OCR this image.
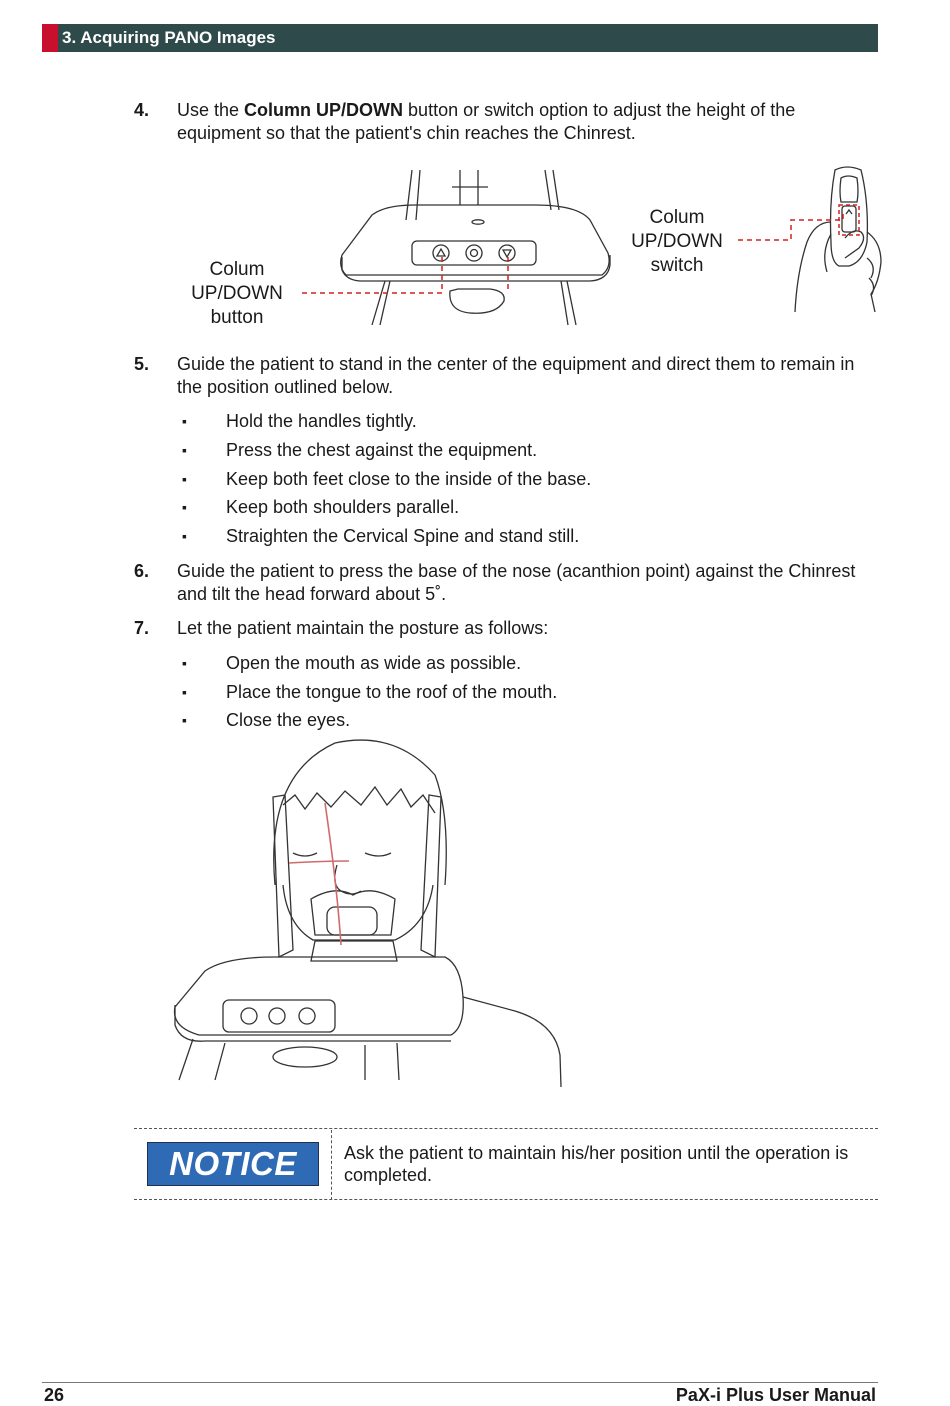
3. Acquiring PANO Images
4. Use the Column UP/DOWN button or switch option to adjust the height of the equipment so that the patient's chin reaches the Chinrest.
Colum
UP/DOWN
button
Colum
UP/DOWN
switch
5. Guide the patient to stand in the center of the equipment and direct them to remain in the position outlined below.
▪ Hold the handles tightly.
▪ Press the chest against the equipment.
▪ Keep both feet close to the inside of the base.
▪ Keep both shoulders parallel.
▪ Straighten the Cervical Spine and stand still.
6. Guide the patient to press the base of the nose (acanthion point) against the Chinrest and tilt the head forward about 5˚.
7. Let the patient maintain the posture as follows:
▪ Open the mouth as wide as possible.
▪ Place the tongue to the roof of the mouth.
▪ Close the eyes.
NOTICE	Ask the patient to maintain his/her position until the operation is completed.
26	PaX-i Plus User Manual
